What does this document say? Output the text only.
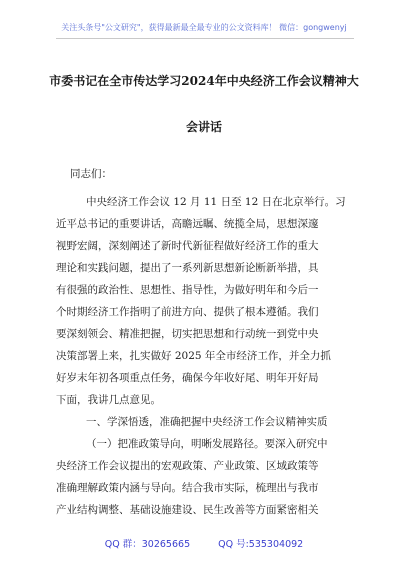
关注头条号"公文研究"，获得最新最全最专业的公文资料库！ 微信：gongwenyj
市委书记在全市传达学习2024年中央经济工作会议精神大
会讲话
同志们：
中央经济工作会议 12 月 11 日至 12 日在北京举行。习
近平总书记的重要讲话，高瞻远瞩、统揽全局，思想深邃
视野宏阔，深刻阐述了新时代新征程做好经济工作的重大
理论和实践问题，提出了一系列新思想新论断新举措，具
有很强的政治性、思想性、指导性，为做好明年和今后一
个时期经济工作指明了前进方向、提供了根本遵循。我们
要深刻领会、精准把握，切实把思想和行动统一到党中央
决策部署上来，扎实做好 2025 年全市经济工作，并全力抓
好岁末年初各项重点任务，确保今年收好尾、明年开好局
下面，我讲几点意见。
一、学深悟透，准确把握中央经济工作会议精神实质
（一）把准政策导向，明晰发展路径。要深入研究中
央经济工作会议提出的宏观政策、产业政策、区域政策等
准确理解政策内涵与导向。结合我市实际，梳理出与我市
产业结构调整、基础设施建设、民生改善等方面紧密相关
QQ 群：30265665	QQ 号:535304092
